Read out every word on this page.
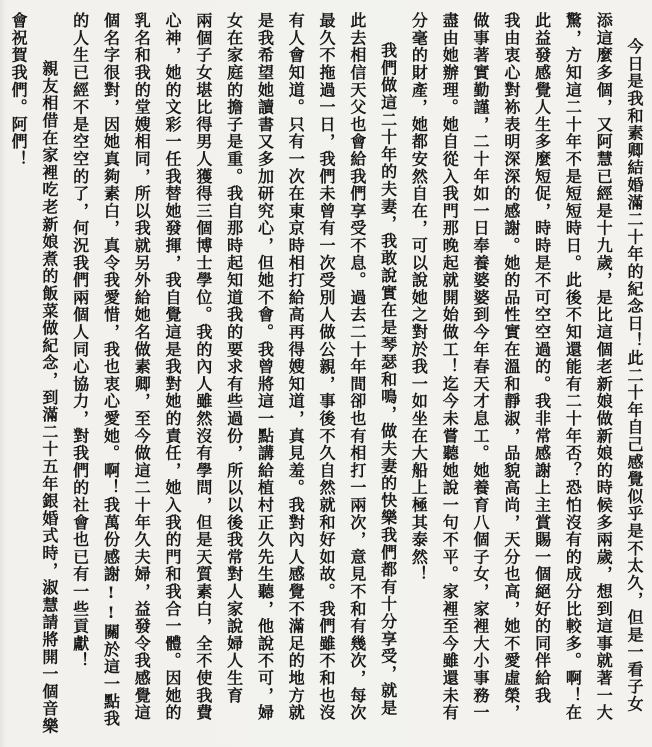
今日是我和素卿結婚滿二十年的紀念日！此二十年自己感覺似乎是不太久，但是一看子女
添這麼多個，又阿慧已經是十九歲，是比這個老新娘做新娘的時候多兩歲，想到這事就著一大
驚，方知這二十年不是短短時日。此後不知還能有二十年否？恐怕沒有的成分比較多。啊！在
此益發感覺人生多麼短促，時時是不可空空過的。我非常感謝上主賞賜一個絕好的同伴給我
我由衷心對袮表明深深的感謝。她的品性實在溫和靜淑，品貌高尚，天分也高，她不愛虛榮，
做事著實勤謹，二十年如一日奉養婆婆到今年春天才息工。她養育八個子女，家裡大小事務一
盡由她辦理。她自從入我門那晚起就開始做工！迄今未嘗聽她說一句不平。家裡至今雖還未有
分毫的財產，她都安然自在，可以說她之對於我一如坐在大船上極其泰然！
我們做這二十年的夫妻，我敢說實在是琴瑟和鳴，做夫妻的快樂我們都有十分享受，就是
此去相信天父也會給我們享受不息。過去二十年間卻也有相打一兩次，意見不和有幾次，每次
最久不拖過一日，我們未曾有一次受別人做公親，事後不久自然就和好如故。我們雖不和也沒
有人會知道。只有一次在東京時相打給高再得嫂知道，真見羞。我對內人感覺不滿足的地方就
是我希望她讀書又多加研究心，但她不會。我曾將這一點講給植村正久先生聽，他說不可，婦
女在家庭的擔子是重。我自那時起知道我的要求有些過份，所以以後我常對人家說婦人生育
兩個子女堪比得男人獲得三個博士學位。我的內人雖然沒有學問，但是天質素白，全不使我費
心神，她的文彩一任我替她發揮，我自覺這是我對她的責任，她入我的門和我合一體。因她的
乳名和我的堂嫂相同，所以我就另外給她名做素卿，至今做這二十年久夫婦，益發令我感覺這
個名字很對，因她真夠素白，真令我愛惜，我也衷心愛她。啊！我萬份感謝!!關於這一點我
的人生已經不是空空的了，何況我們兩個人同心協力，對我們的社會也已有一些貢獻！
親友相借在家裡吃老新娘煮的飯菜做紀念，到滿二十五年銀婚式時，淑慧請將開一個音樂
會祝賀我們。阿們！
